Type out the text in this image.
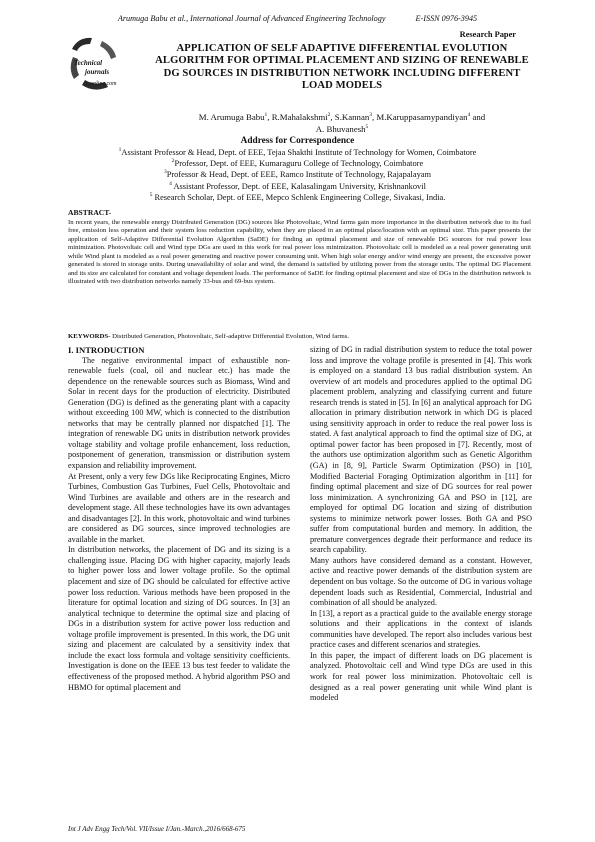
Arumuga Babu et al., International Journal of Advanced Engineering Technology	E-ISSN 0976-3945
Research Paper
Technical
journals
online.com
APPLICATION OF SELF ADAPTIVE DIFFERENTIAL EVOLUTION ALGORITHM FOR OPTIMAL PLACEMENT AND SIZING OF RENEWABLE DG SOURCES IN DISTRIBUTION NETWORK INCLUDING DIFFERENT LOAD MODELS
M. Arumuga Babu$^1$, R.Mahalakshmi$^2$, S.Kannan$^3$, M.Karuppasamypandiyan$^4$ and
A. Bhuvanesh$^5$
Address for Correspondence
$^1$Assistant Professor & Head, Dept. of EEE, Tejaa Shakthi Institute of Technology for Women, Coimbatore
$^2$Professor, Dept. of EEE, Kumaraguru College of Technology, Coimbatore
$^3$Professor & Head, Dept. of EEE, Ramco Institute of Technology, Rajapalayam
$^4$ Assistant Professor, Dept. of EEE, Kalasalingam University, Krishnankovil
$^5$ Research Scholar, Dept. of EEE, Mepco Schlenk Engineering College, Sivakasi, India.
ABSTRACT-
In recent years, the renewable energy Distributed Generation (DG) sources like Photovoltaic, Wind farms gain more importance in the distribution network due to its fuel free, emission less operation and their system loss reduction capability, when they are placed in an optimal place/location with an optimal size. This paper presents the application of Self-Adaptive Differential Evolution Algorithm (SaDE) for finding an optimal placement and size of renewable DG sources for real power loss minimization. Photovoltaic cell and Wind type DGs are used in this work for real power loss minimization. Photovoltaic cell is modeled as a real power generating unit while Wind plant is modeled as a real power generating and reactive power consuming unit. When high solar energy and/or wind energy are present, the excessive power generated is stored in storage units. During unavailability of solar and wind, the demand is satisfied by utilizing power from the storage units. The optimal DG Placement and its size are calculated for constant and voltage dependent loads. The performance of SaDE for finding optimal placement and size of DGs in the distribution network is illustrated with two distribution networks namely 33-bus and 69-bus system.
KEYWORDS- Distributed Generation, Photovoltaic, Self-adaptive Differential Evolution, Wind farms.

I. INTRODUCTION

The negative environmental impact of exhaustible non-renewable fuels (coal, oil and nuclear etc.) has made the dependence on the renewable sources such as Biomass, Wind and Solar in recent days for the production of electricity. Distributed Generation (DG) is defined as the generating plant with a capacity without exceeding 100 MW, which is connected to the distribution networks that may be centrally planned nor dispatched [1]. The integration of renewable DG units in distribution network provides voltage stability and voltage profile enhancement, loss reduction, postponement of generation, transmission or distribution system expansion and reliability improvement.

At Present, only a very few DGs like Reciprocating Engines, Micro Turbines, Combustion Gas Turbines, Fuel Cells, Photovoltaic and Wind Turbines are available and others are in the research and development stage. All these technologies have its own advantages and disadvantages [2]. In this work, photovoltaic and wind turbines are considered as DG sources, since improved technologies are available in the market.

In distribution networks, the placement of DG and its sizing is a challenging issue. Placing DG with higher capacity, majorly leads to higher power loss and lower voltage profile. So the optimal placement and size of DG should be calculated for effective active power loss reduction. Various methods have been proposed in the literature for optimal location and sizing of DG sources. In [3] an analytical technique to determine the optimal size and placing of DGs in a distribution system for active power loss reduction and voltage profile improvement is presented. In this work, the DG unit sizing and placement are calculated by a sensitivity index that include the exact loss formula and voltage sensitivity coefficients. Investigation is done on the IEEE 13 bus test feeder to validate the effectiveness of the proposed method. A hybrid algorithm PSO and HBMO for optimal placement and

sizing of DG in radial distribution system to reduce the total power loss and improve the voltage profile is presented in [4]. This work is employed on a standard 13 bus radial distribution system. An overview of art models and procedures applied to the optimal DG placement problem, analyzing and classifying current and future research trends is stated in [5]. In [6] an analytical approach for DG allocation in primary distribution network in which DG is placed using sensitivity approach in order to reduce the real power loss is stated. A fast analytical approach to find the optimal size of DG, at optimal power factor has been proposed in [7]. Recently, most of the authors use optimization algorithm such as Genetic Algorithm (GA) in [8, 9], Particle Swarm Optimization (PSO) in [10], Modified Bacterial Foraging Optimization algorithm in [11] for finding optimal placement and size of DG sources for real power loss minimization. A synchronizing GA and PSO in [12], are employed for optimal DG location and sizing of distribution systems to minimize network power losses. Both GA and PSO suffer from computational burden and memory. In addition, the premature convergences degrade their performance and reduce its search capability.

Many authors have considered demand as a constant. However, active and reactive power demands of the distribution system are dependent on bus voltage. So the outcome of DG in various voltage dependent loads such as Residential, Commercial, Industrial and combination of all should be analyzed.

In [13], a report as a practical guide to the available energy storage solutions and their applications in the context of islands communities have developed. The report also includes various best practice cases and different scenarios and strategies.

In this paper, the impact of different loads on DG placement is analyzed. Photovoltaic cell and Wind type DGs are used in this work for real power loss minimization. Photovoltaic cell is designed as a real power generating unit while Wind plant is modeled

Int J Adv Engg Tech/Vol. VII/Issue I/Jan.-March.,2016/668-675
